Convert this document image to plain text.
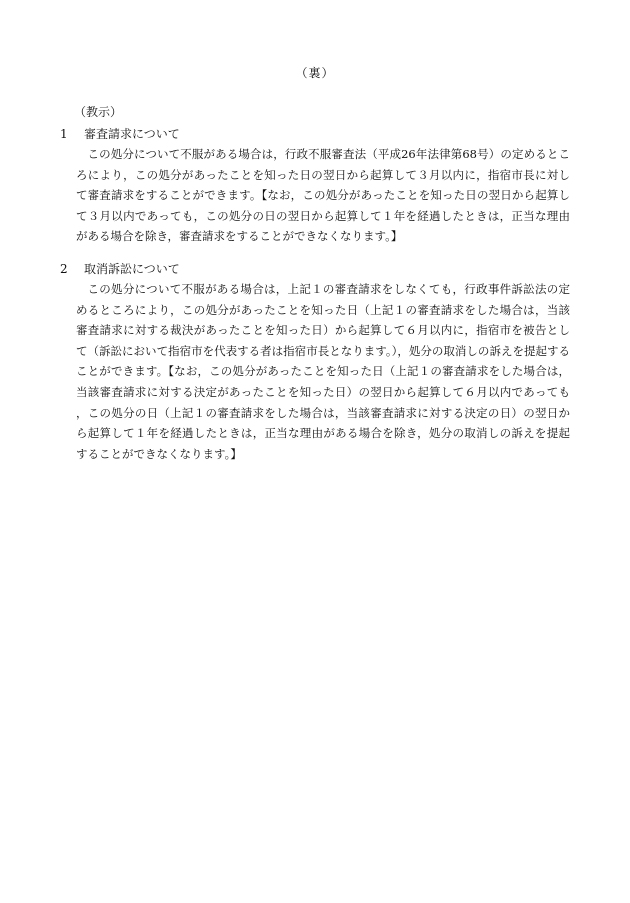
（裏）
（教示）
1 審査請求について
この処分について不服がある場合は，行政不服審査法（平成26年法律第68号）の定めるところにより，この処分があったことを知った日の翌日から起算して３月以内に，指宿市長に対して審査請求をすることができます。【なお，この処分があったことを知った日の翌日から起算して３月以内であっても，この処分の日の翌日から起算して１年を経過したときは，正当な理由がある場合を除き，審査請求をすることができなくなります。】
2 取消訴訟について
この処分について不服がある場合は，上記１の審査請求をしなくても，行政事件訴訟法の定めるところにより，この処分があったことを知った日（上記１の審査請求をした場合は，当該審査請求に対する裁決があったことを知った日）から起算して６月以内に，指宿市を被告として（訴訟において指宿市を代表する者は指宿市長となります。），処分の取消しの訴えを提起することができます。【なお，この処分があったことを知った日（上記１の審査請求をした場合は，当該審査請求に対する決定があったことを知った日）の翌日から起算して６月以内であっても，この処分の日（上記１の審査請求をした場合は，当該審査請求に対する決定の日）の翌日から起算して１年を経過したときは，正当な理由がある場合を除き，処分の取消しの訴えを提起することができなくなります。】
